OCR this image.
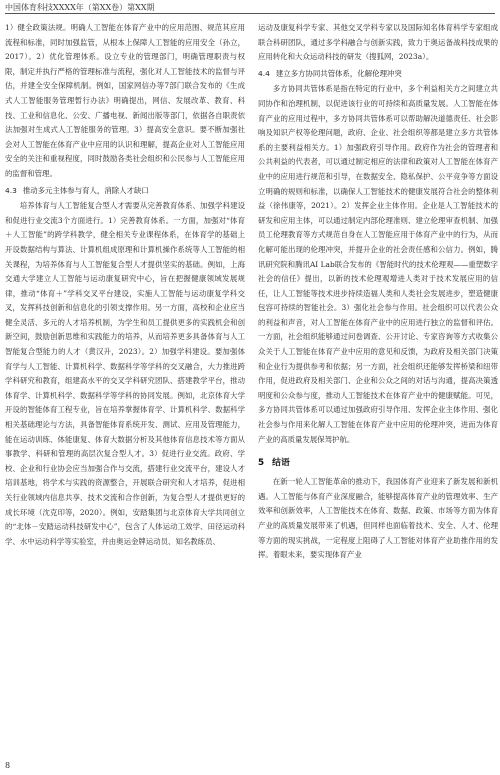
中国体育科技XXXX年（第XX卷）第XX期

1）健全政策法规。明确人工智能在体育产业中的应用范围、规范其应用流程和标准，同时加强监管，从根本上保障人工智能的应用安全（孙立，2017）。2）优化管理体系。设立专业的管理部门，明确管理职责与权限，制定并执行严格的管理标准与流程，强化对人工智能技术的监督与评估，并建全安全保障机制。例如，国家网信办等7部门联合发布的《生成式人工智能服务管理暂行办法》明确提出，网信、发展改革、教育、科技、工业和信息化、公安、广播电视、新闻出版等部门，依据各自职责依法加强对生成式人工智能服务的管理。3）提高安全意识。要不断加强社会对人工智能在体育产业中应用的认识和理解，提高企业对人工智能应用安全的关注和重视程度，同时鼓励各类社会组织和公民参与人工智能应用的监督和管理。

4.3 推动多元主体参与育人，消除人才缺口

培养体育与人工智能复合型人才需要从完善教育体系、加强学科建设和促进行业交流3个方面进行。1）完善教育体系。一方面，加强对“体育＋人工智能”的跨学科教学，健全相关专业课程体系，在体育学的基础上开设数据结构与算法、计算机组成原理和计算机操作系统等人工智能的相关课程，为培养体育与人工智能复合型人才提供坚实的基础。例如，上海交通大学建立人工智能与运动康复研究中心，旨在把握健康领域发展规律，推动“体育＋”学科交叉平台建设，实施人工智能与运动康复学科交叉，发挥科技创新和信息化的引领支撑作用。另一方面，高校和企业应当健全灵活、多元的人才培养机制，为学生和员工提供更多的实践机会和创新空间，鼓励创新思维和实践能力的培养，从而培养更多具备体育与人工智能复合型能力的人才（黄汉升，2023）。2）加强学科建设。要加强体育学与人工智能、计算机科学、数据科学等学科的交叉融合，大力推进跨学科研究和教育，组建高水平的交叉学科研究团队、搭建教学平台，推动体育学、计算机科学、数据科学等学科的协同发展。例如，北京体育大学开设的智能体育工程专业，旨在培养掌握体育学、计算机科学、数据科学相关基础理论与方法，具备智能体育系统开发、测试、应用及管理能力，能在运动训练、体能康复、体育大数据分析及其他体育信息技术等方面从事教学、科研和管理的高层次复合型人才。3）促进行业交流。政府、学校、企业和行业协会应当加强合作与交流，搭建行业交流平台，建设人才培训基地，将学术与实践的资源整合，开展联合研究和人才培养，促进相关行业领域内信息共享、技术交流和合作创新，为复合型人才提供更好的成长环境（沈克印等，2020）。例如，安踏集团与北京体育大学共同创立的“北体－安踏运动科技研发中心”，包含了人体运动工效学、田径运动科学、水中运动科学等实验室，并由奥运金牌运动员、知名教练员、

运动及康复科学专家、其他交叉学科专家以及国际知名体育科学专家组成联合科研团队，通过多学科融合与创新实践，致力于奥运备战科技成果的应用转化和大众运动科技的研发（搜狐网，2023a）。

4.4 建立多方协同共管体系，化解伦理冲突

多方协同共管体系是指在特定的行业中，多个利益相关方之间建立共同协作和治理机制，以促进该行业的可持续和高质量发展。人工智能在体育产业的应用过程中，多方协同共管体系可以帮助解决道德责任、社会影响及知识产权等伦理问题，政府、企业、社会组织等都是建立多方共管体系的主要利益相关方。1）加强政府引导作用。政府作为社会的管理者和公共利益的代表者，可以通过制定相应的法律和政策对人工智能在体育产业中的应用进行规范和引导，在数据安全、隐私保护、公平竞争等方面设立明确的规则和标准，以确保人工智能技术的健康发展符合社会的整体利益（徐伟康等，2021）。2）发挥企业主体作用。企业是人工智能技术的研发和应用主体，可以通过制定内部伦理准则、建立伦理审查机制、加强员工伦理教育等方式规范自身在人工智能应用于体育产业中的行为，从而化解可能出现的伦理冲突，并提升企业的社会责任感和公信力。例如，腾讯研究院和腾讯AI Lab联合发布的《智能时代的技术伦理观——重塑数字社会的信任》提出，以新的技术伦理观增进人类对于技术发展应用的信任，让人工智能等技术进步持续造福人类和人类社会发展进步，塑造健康包容可持续的智能社会。3）强化社会参与作用。社会组织可以代表公众的利益和声音，对人工智能在体育产业中的应用进行独立的监督和评估。一方面，社会组织能够通过问卷调查、公开讨论、专家咨询等方式收集公众关于人工智能在体育产业中应用的意见和反馈，为政府及相关部门决策和企业行为提供参考和依据；另一方面，社会组织还能够发挥桥梁和纽带作用，促进政府及相关部门、企业和公众之间的对话与沟通，提高决策透明度和公众参与度，推动人工智能技术在体育产业中的健康赋能。可见，多方协同共管体系可以通过加强政府引导作用、发挥企业主体作用、强化社会参与作用来化解人工智能在体育产业中应用的伦理冲突，进而为体育产业的高质量发展保驾护航。

5 结语

在新一轮人工智能革命的推动下，我国体育产业迎来了新发展和新机遇。人工智能与体育产业深度融合，能够提高体育产业的管理效率、生产效率和创新效率，人工智能技术在体育、数据、政策、市场等方面为体育产业的高质量发展带来了机遇，但同样也面临着技术、安全、人才、伦理等方面的现实挑战，一定程度上阻碍了人工智能对体育产业助推作用的发挥。着眼未来，要实现体育产业

8
